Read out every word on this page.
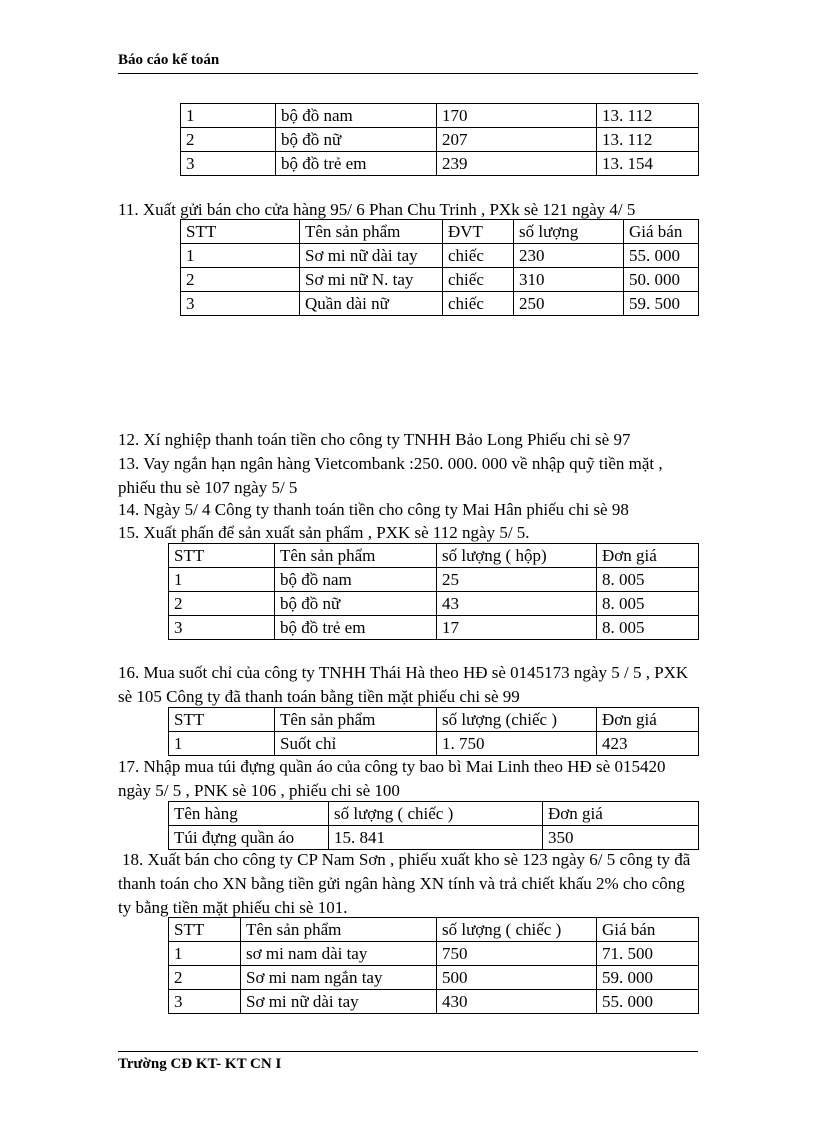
Báo cáo kế toán
1	bộ đồ nam	170	13. 112
2	bộ đồ nữ	207	13. 112
3	bộ đồ trẻ em	239	13. 154
11. Xuất gửi bán cho cửa hàng 95/ 6 Phan Chu Trinh , PXk sè 121 ngày 4/ 5
STT	Tên sản phẩm	ĐVT	số lượng	Giá bán
1	Sơ mi nữ dài tay	chiếc	230	55. 000
2	Sơ mi nữ N. tay	chiếc	310	50. 000
3	Quần dài nữ	chiếc	250	59. 500
12. Xí nghiệp thanh toán tiền cho công ty TNHH Bảo Long Phiếu chi sè 97
13. Vay ngắn hạn ngân hàng Vietcombank :250. 000. 000 về nhập quỹ tiền mặt , phiếu thu sè 107 ngày 5/ 5
14. Ngày 5/ 4 Công ty thanh toán tiền cho công ty Mai Hân phiếu chi sè 98
15. Xuất phấn để sản xuất sản phẩm , PXK sè 112 ngày 5/ 5.
STT	Tên sản phẩm	số lượng ( hộp)	Đơn giá
1	bộ đồ nam	25	8. 005
2	bộ đồ nữ	43	8. 005
3	bộ đồ trẻ em	17	8. 005
16. Mua suốt chỉ của công ty TNHH Thái Hà theo HĐ sè 0145173 ngày 5 / 5 , PXK sè 105 Công ty đã thanh toán bằng tiền mặt phiếu chi sè 99
STT	Tên sản phẩm	số lượng (chiếc )	Đơn giá
1	Suốt chỉ	1. 750	423
17. Nhập mua túi đựng quần áo của công ty bao bì Mai Linh theo HĐ sè 015420 ngày 5/ 5 , PNK sè 106 , phiếu chi sè 100
Tên hàng	số lượng ( chiếc )	Đơn giá
Túi đựng quần áo	15. 841	350
18. Xuất bán cho công ty CP Nam Sơn , phiếu xuất kho sè 123 ngày 6/ 5 công ty đã thanh toán cho XN bằng tiền gửi ngân hàng XN tính và trả chiết khấu 2% cho công ty bằng tiền mặt phiếu chi sè 101.
STT	Tên sản phẩm	số lượng ( chiếc )	Giá bán
1	sơ mi nam dài tay	750	71. 500
2	Sơ mi nam ngắn tay	500	59. 000
3	Sơ mi nữ dài tay	430	55. 000
Trường CĐ KT- KT CN I
